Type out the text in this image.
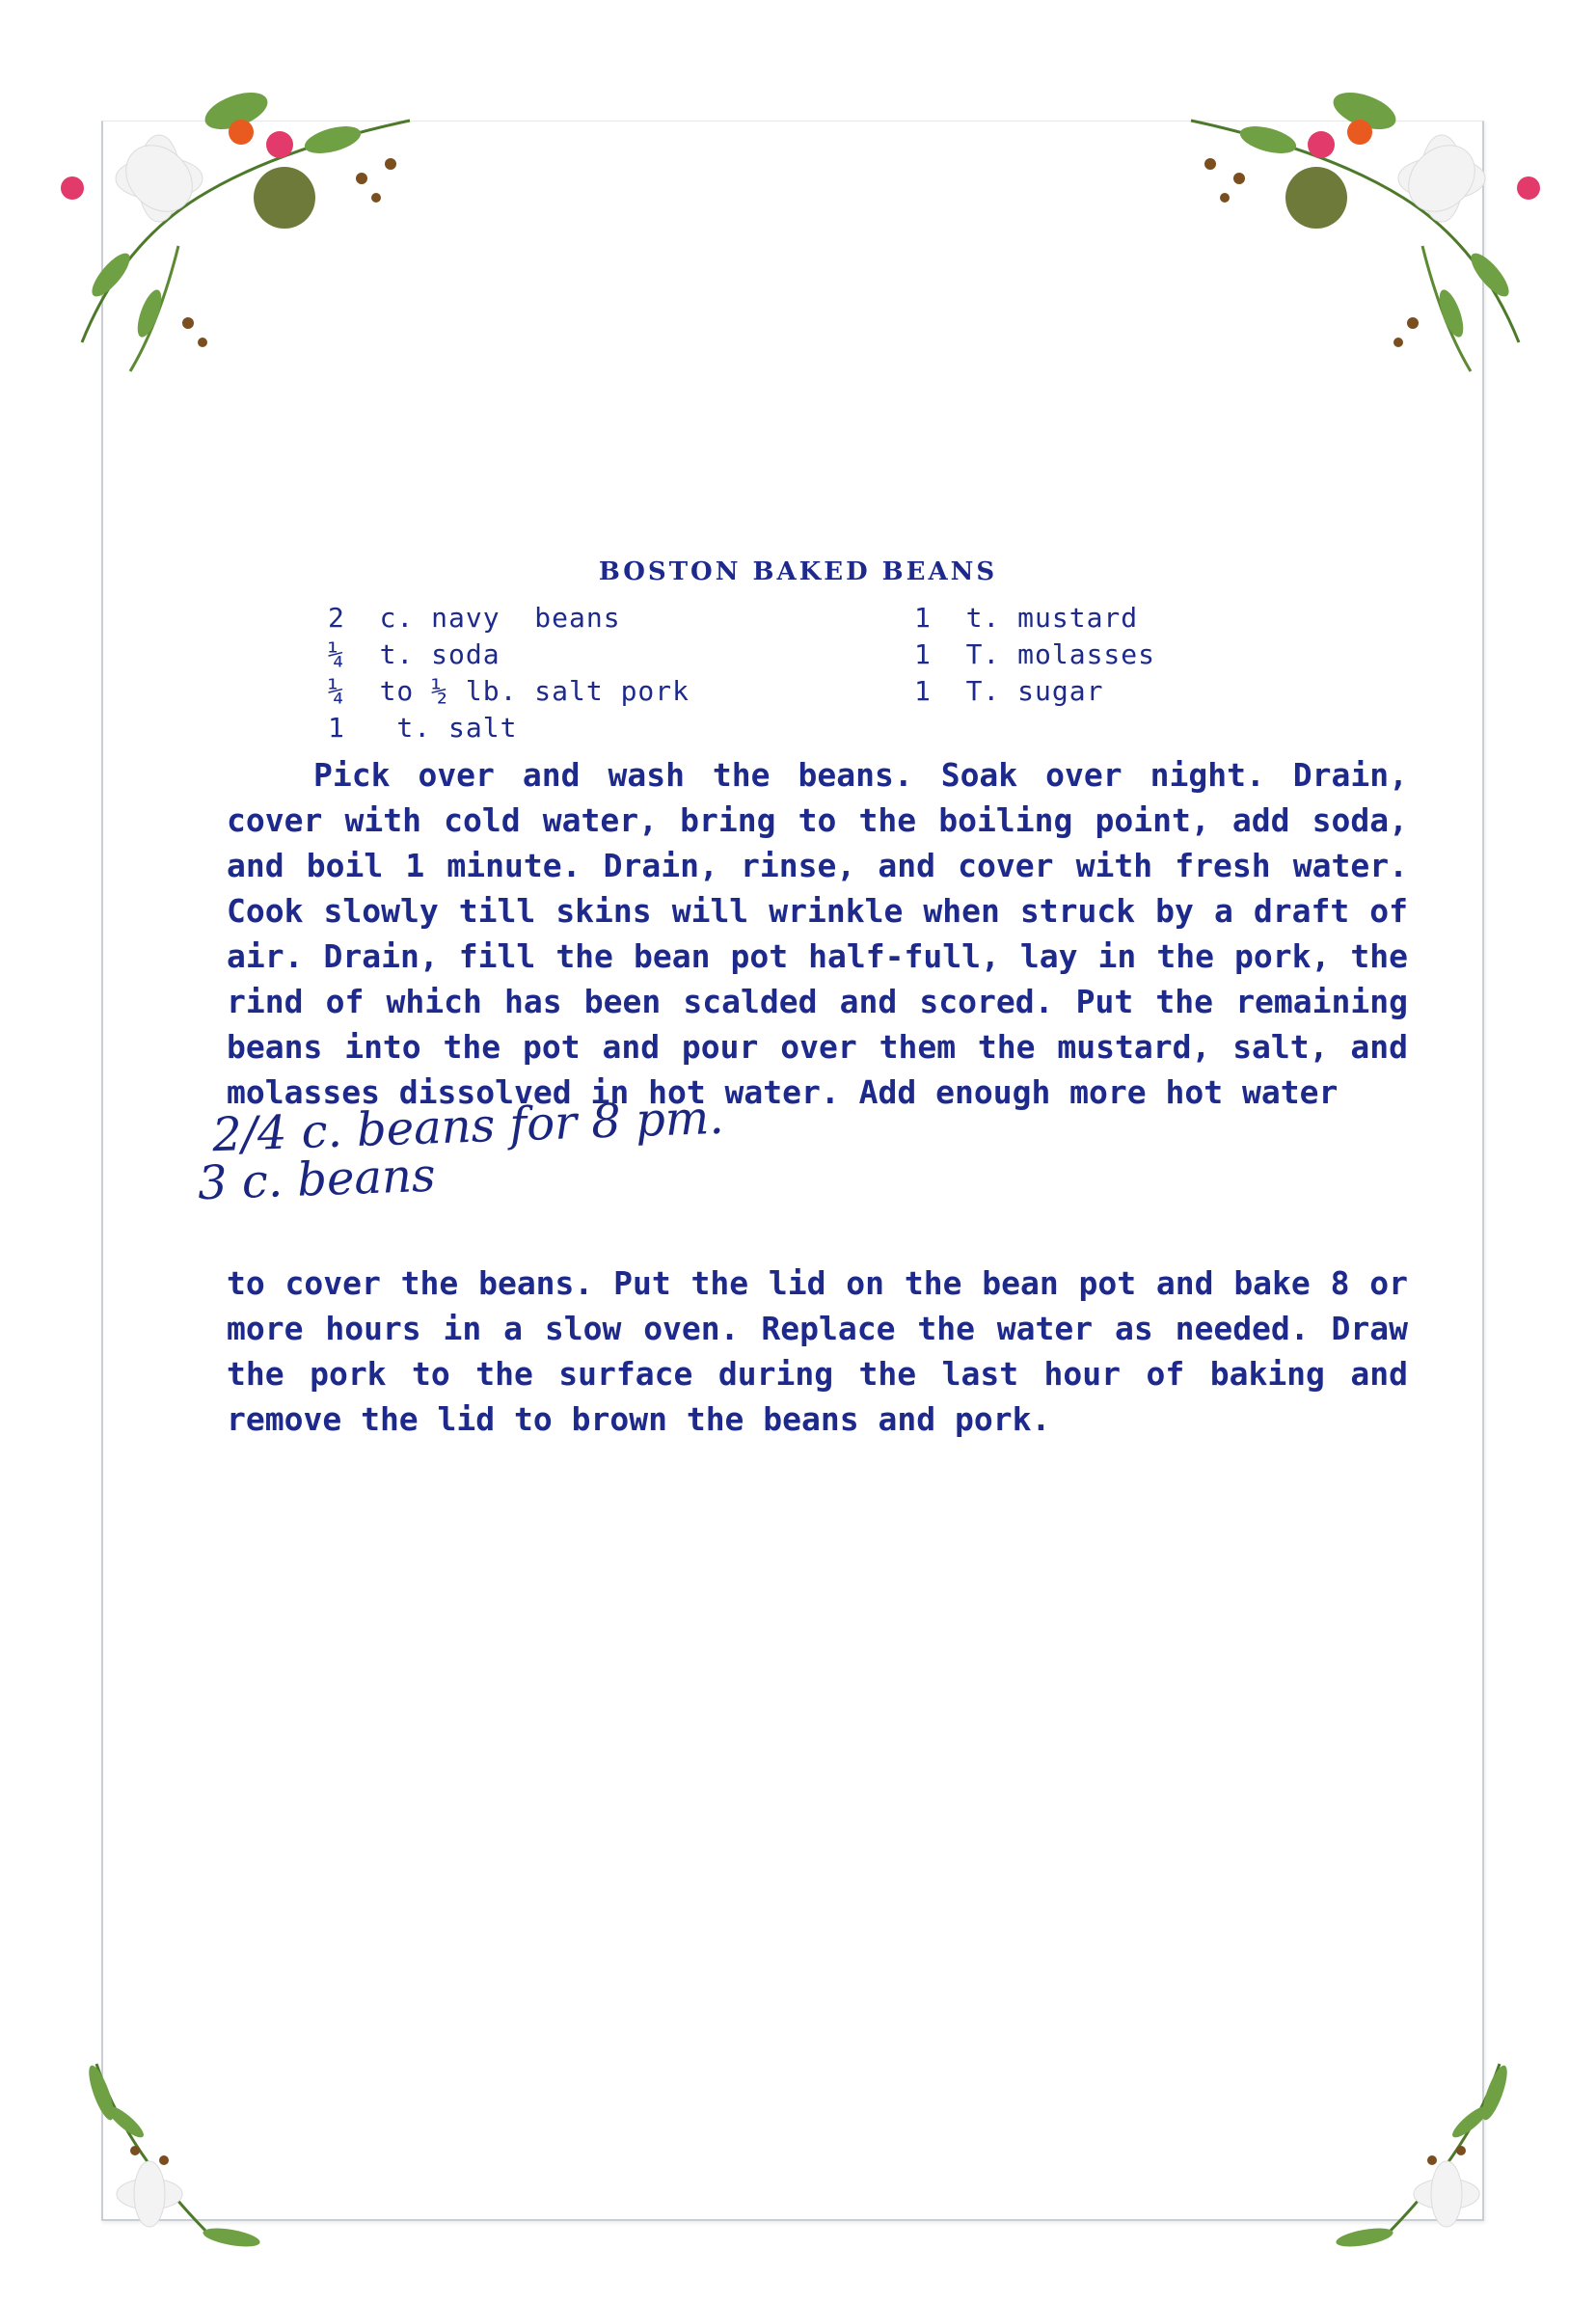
BOSTON BAKED BEANS
2  c. navy  beans
¼  t. soda
¼  to ½ lb. salt pork
1   t. salt
1  t. mustard
1  T. molasses
1  T. sugar
Pick over and wash the beans. Soak over night. Drain, cover with cold water, bring to the boiling point, add soda, and boil 1 minute. Drain, rinse, and cover with fresh water. Cook slowly till skins will wrinkle when struck by a draft of air. Drain, fill the bean pot half-full, lay in the pork, the rind of which has been scalded and scored. Put the remaining beans into the pot and pour over them the mustard, salt, and molasses dissolved in hot water. Add enough more hot water
2/4 c. beans for 8 pm.
3 c. beans
to cover the beans. Put the lid on the bean pot and bake 8 or more hours in a slow oven. Replace the water as needed. Draw the pork to the surface during the last hour of baking and remove the lid to brown the beans and pork.
